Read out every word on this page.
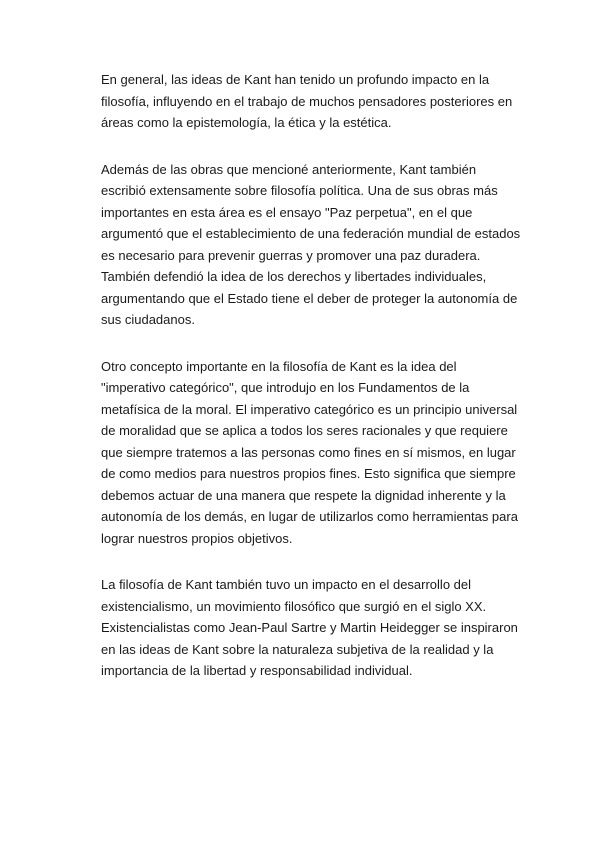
En general, las ideas de Kant han tenido un profundo impacto en la
filosofía, influyendo en el trabajo de muchos pensadores posteriores en
áreas como la epistemología, la ética y la estética.

Además de las obras que mencioné anteriormente, Kant también
escribió extensamente sobre filosofía política. Una de sus obras más
importantes en esta área es el ensayo "Paz perpetua", en el que
argumentó que el establecimiento de una federación mundial de estados
es necesario para prevenir guerras y promover una paz duradera.
También defendió la idea de los derechos y libertades individuales,
argumentando que el Estado tiene el deber de proteger la autonomía de
sus ciudadanos.

Otro concepto importante en la filosofía de Kant es la idea del
"imperativo categórico", que introdujo en los Fundamentos de la
metafísica de la moral. El imperativo categórico es un principio universal
de moralidad que se aplica a todos los seres racionales y que requiere
que siempre tratemos a las personas como fines en sí mismos, en lugar
de como medios para nuestros propios fines. Esto significa que siempre
debemos actuar de una manera que respete la dignidad inherente y la
autonomía de los demás, en lugar de utilizarlos como herramientas para
lograr nuestros propios objetivos.

La filosofía de Kant también tuvo un impacto en el desarrollo del
existencialismo, un movimiento filosófico que surgió en el siglo XX.
Existencialistas como Jean-Paul Sartre y Martin Heidegger se inspiraron
en las ideas de Kant sobre la naturaleza subjetiva de la realidad y la
importancia de la libertad y responsabilidad individual.
